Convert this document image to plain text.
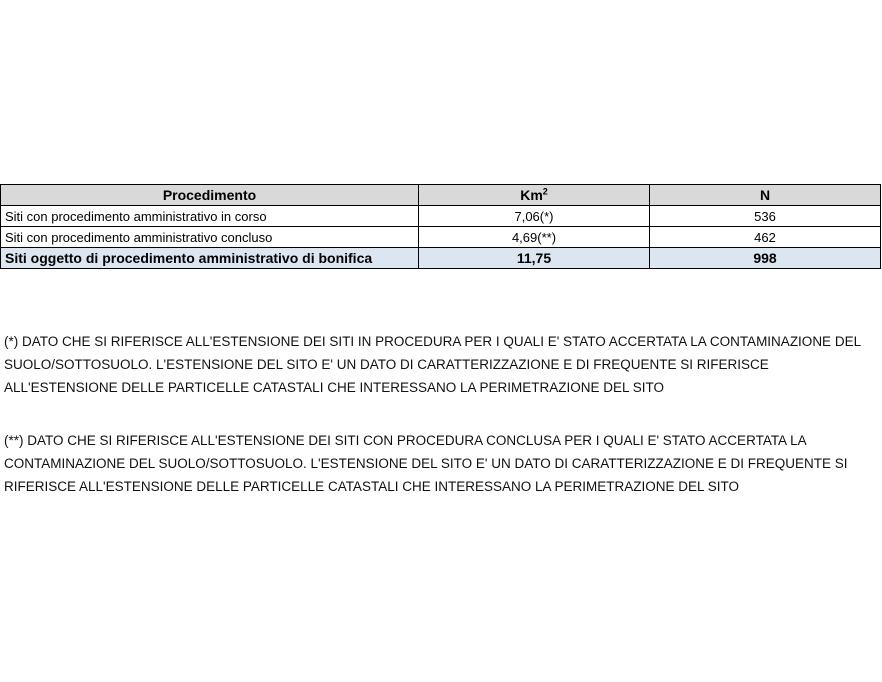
Procedimento	Km$^2$	N
Siti con procedimento amministrativo in corso	7,06(*)	536
Siti con procedimento amministrativo concluso	4,69(**)	462
Siti oggetto di procedimento amministrativo di bonifica	11,75	998

(*) DATO CHE SI RIFERISCE ALL'ESTENSIONE DEI SITI IN PROCEDURA PER I QUALI E' STATO ACCERTATA LA CONTAMINAZIONE DEL SUOLO/SOTTOSUOLO. L'ESTENSIONE DEL SITO E' UN DATO DI CARATTERIZZAZIONE E DI FREQUENTE SI RIFERISCE ALL'ESTENSIONE DELLE PARTICELLE CATASTALI CHE INTERESSANO LA PERIMETRAZIONE DEL SITO

(**) DATO CHE SI RIFERISCE ALL'ESTENSIONE DEI SITI CON PROCEDURA CONCLUSA PER I QUALI E' STATO ACCERTATA LA CONTAMINAZIONE DEL SUOLO/SOTTOSUOLO. L'ESTENSIONE DEL SITO E' UN DATO DI CARATTERIZZAZIONE E DI FREQUENTE SI RIFERISCE ALL'ESTENSIONE DELLE PARTICELLE CATASTALI CHE INTERESSANO LA PERIMETRAZIONE DEL SITO
